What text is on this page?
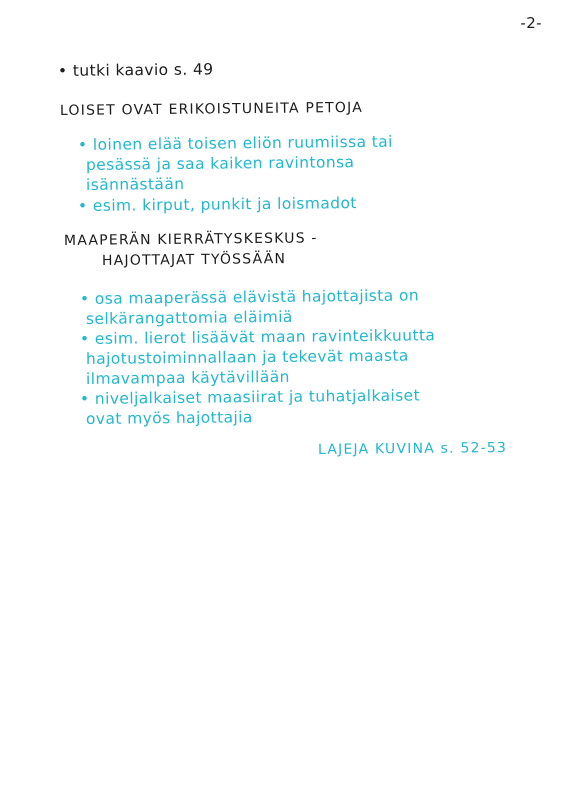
-2-
• tutki kaavio s. 49
LOISET OVAT ERIKOISTUNEITA PETOJA
• loinen elää toisen eliön ruumiissa tai
pesässä ja saa kaiken ravintonsa
isännästään
• esim. kirput, punkit ja loismadot
MAAPERÄN KIERRÄTYSKESKUS -
HAJOTTAJAT TYÖSSÄÄN
• osa maaperässä elävistä hajottajista on
selkärangattomia eläimiä
• esim. lierot lisäävät maan ravinteikkuutta
hajotustoiminnallaan ja tekevät maasta
ilmavampaa käytävillään
• niveljalkaiset maasiirat ja tuhatjalkaiset
ovat myös hajottajia
LAJEJA KUVINA s. 52-53
